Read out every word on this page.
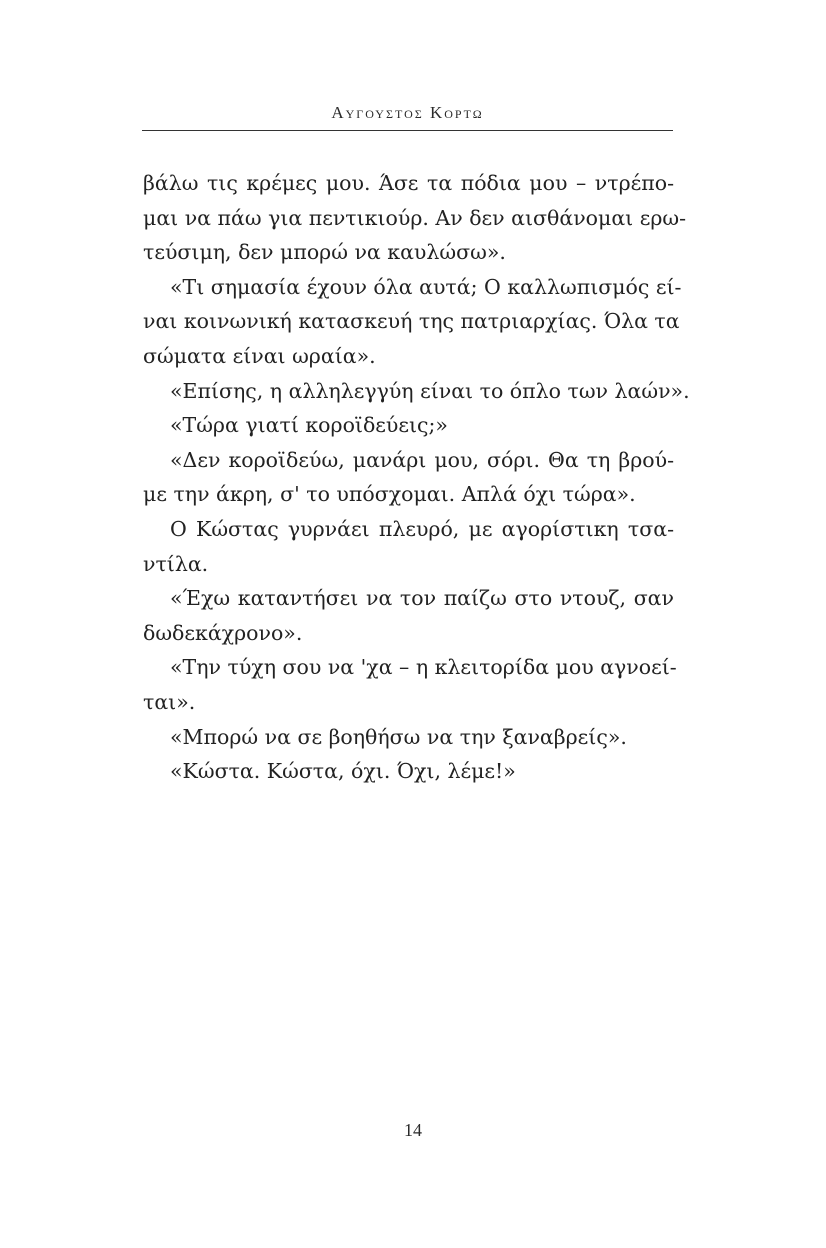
Αυγουστος Κορτω
βάλω τις κρέμες μου. Άσε τα πόδια μου – ντρέπο-
μαι να πάω για πεντικιούρ. Αν δεν αισθάνομαι ερω-
τεύσιμη, δεν μπορώ να καυλώσω».
«Τι σημασία έχουν όλα αυτά; Ο καλλωπισμός εί-
ναι κοινωνική κατασκευή της πατριαρχίας. Όλα τα
σώματα είναι ωραία».
«Επίσης, η αλληλεγγύη είναι το όπλο των λαών».
«Τώρα γιατί κοροϊδεύεις;»
«Δεν κοροϊδεύω, μανάρι μου, σόρι. Θα τη βρού-
με την άκρη, σ' το υπόσχομαι. Απλά όχι τώρα».
Ο Κώστας γυρνάει πλευρό, με αγορίστικη τσα-
ντίλα.
«Έχω καταντήσει να τον παίζω στο ντουζ, σαν
δωδεκάχρονο».
«Την τύχη σου να 'χα – η κλειτορίδα μου αγνοεί-
ται».
«Μπορώ να σε βοηθήσω να την ξαναβρείς».
«Κώστα. Κώστα, όχι. Όχι, λέμε!»
14
